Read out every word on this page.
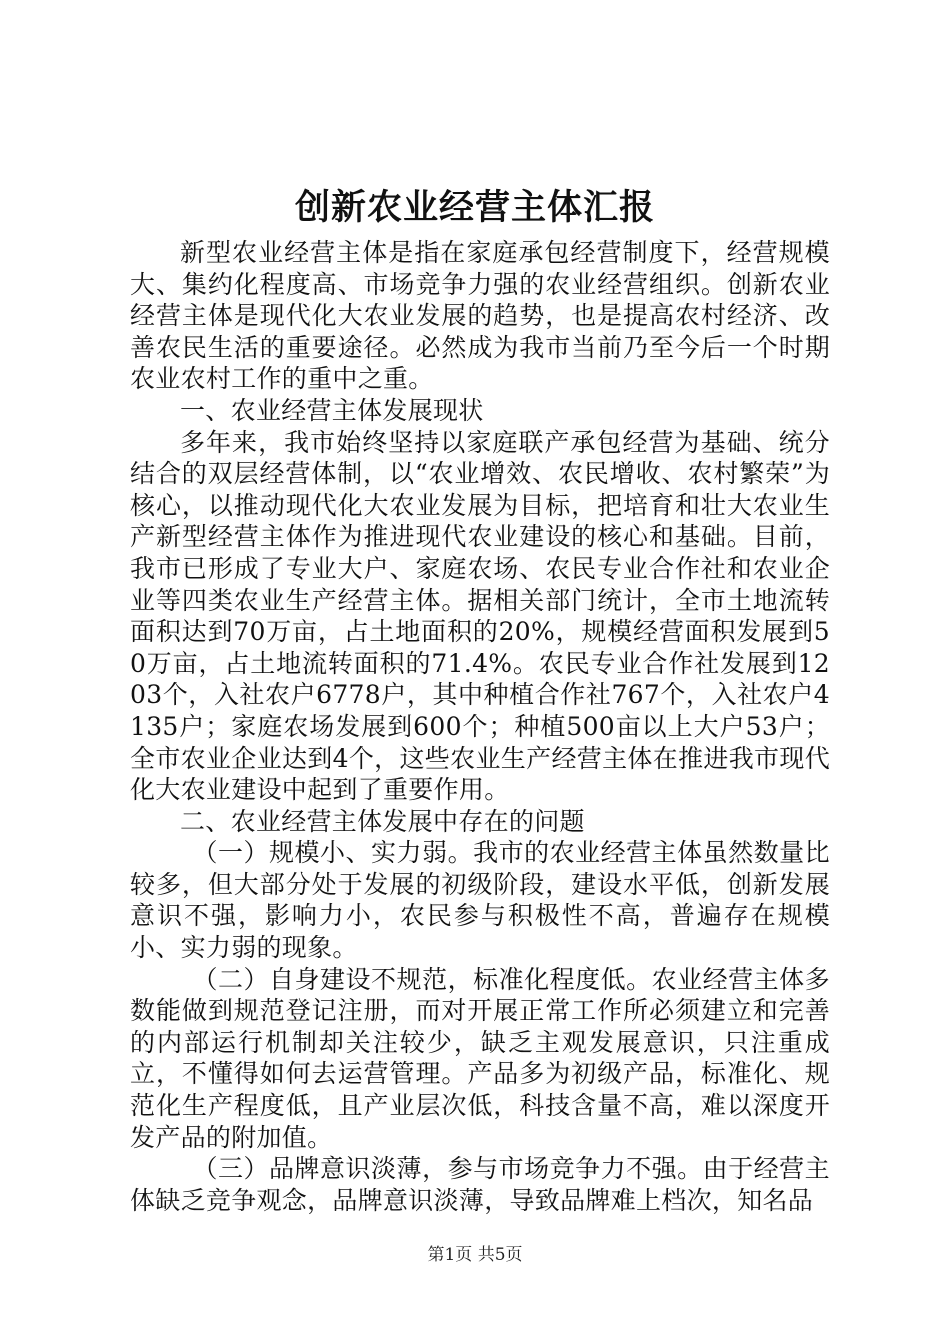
创新农业经营主体汇报

新型农业经营主体是指在家庭承包经营制度下，经营规模大、集约化程度高、市场竞争力强的农业经营组织。创新农业经营主体是现代化大农业发展的趋势，也是提高农村经济、改善农民生活的重要途径。必然成为我市当前乃至今后一个时期农业农村工作的重中之重。

一、农业经营主体发展现状

多年来，我市始终坚持以家庭联产承包经营为基础、统分结合的双层经营体制，以“农业增效、农民增收、农村繁荣”为核心，以推动现代化大农业发展为目标，把培育和壮大农业生产新型经营主体作为推进现代农业建设的核心和基础。目前，我市已形成了专业大户、家庭农场、农民专业合作社和农业企业等四类农业生产经营主体。据相关部门统计，全市土地流转面积达到70万亩，占土地面积的20%，规模经营面积发展到50万亩，占土地流转面积的71.4%。农民专业合作社发展到1203个，入社农户6778户，其中种植合作社767个，入社农户4135户；家庭农场发展到600个；种植500亩以上大户53户；全市农业企业达到4个，这些农业生产经营主体在推进我市现代化大农业建设中起到了重要作用。

二、农业经营主体发展中存在的问题

（一）规模小、实力弱。我市的农业经营主体虽然数量比较多，但大部分处于发展的初级阶段，建设水平低，创新发展意识不强，影响力小，农民参与积极性不高，普遍存在规模小、实力弱的现象。

（二）自身建设不规范，标准化程度低。农业经营主体多数能做到规范登记注册，而对开展正常工作所必须建立和完善的内部运行机制却关注较少，缺乏主观发展意识，只注重成立，不懂得如何去运营管理。产品多为初级产品，标准化、规范化生产程度低，且产业层次低，科技含量不高，难以深度开发产品的附加值。

（三）品牌意识淡薄，参与市场竞争力不强。由于经营主体缺乏竞争观念，品牌意识淡薄，导致品牌难上档次，知名品

第1页 共5页
